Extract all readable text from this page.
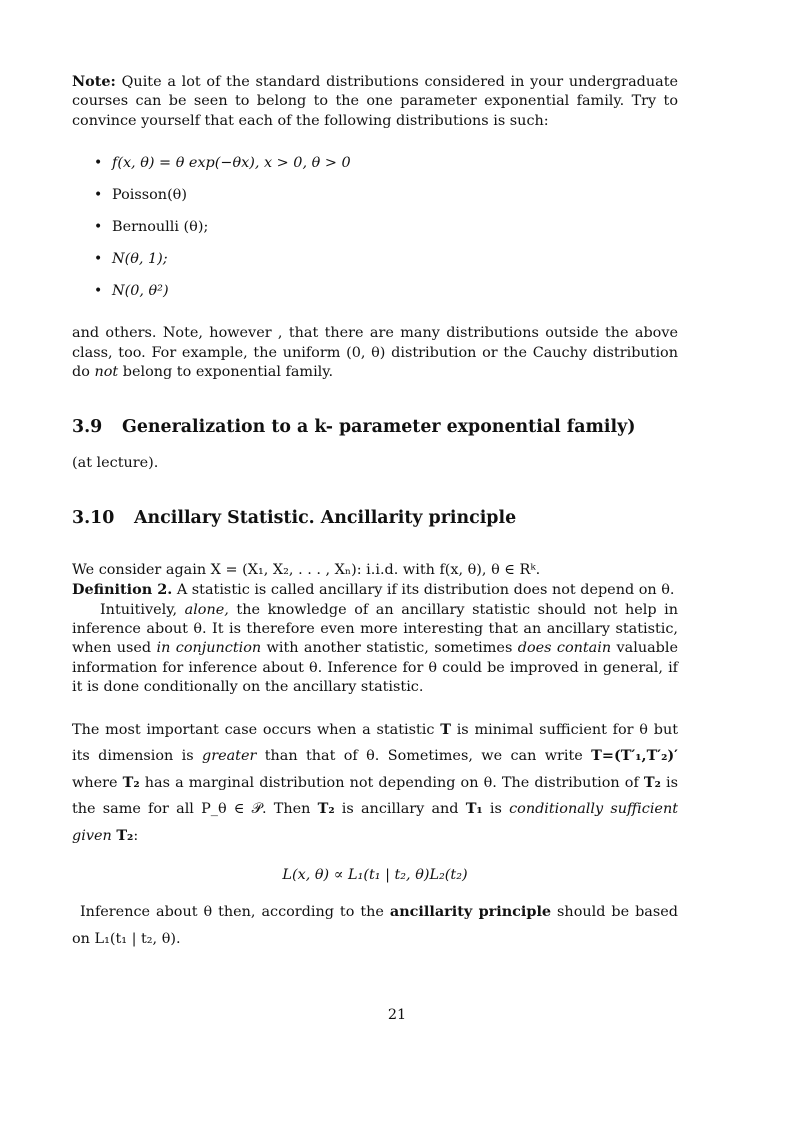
Note: Quite a lot of the standard distributions considered in your undergraduate courses can be seen to belong to the one parameter exponential family. Try to convince yourself that each of the following distributions is such:

• f(x, θ) = θ exp(−θx), x > 0, θ > 0
• Poisson(θ)
• Bernoulli (θ);
• N(θ, 1);
• N(0, θ²)

and others. Note, however , that there are many distributions outside the above class, too. For example, the uniform (0, θ) distribution or the Cauchy distribution do not belong to exponential family.

3.9 Generalization to a k- parameter exponential family)

(at lecture).

3.10 Ancillary Statistic. Ancillarity principle

We consider again X = (X₁, X₂, . . . , Xₙ): i.i.d. with f(x, θ), θ ∈ Rᵏ.

Definition 2. A statistic is called ancillary if its distribution does not depend on θ.

Intuitively, alone, the knowledge of an ancillary statistic should not help in inference about θ. It is therefore even more interesting that an ancillary statistic, when used in conjunction with another statistic, sometimes does contain valuable information for inference about θ. Inference for θ could be improved in general, if it is done conditionally on the ancillary statistic.

The most important case occurs when a statistic T is minimal sufficient for θ but its dimension is greater than that of θ. Sometimes, we can write T=(T′₁,T′₂)′ where T₂ has a marginal distribution not depending on θ. The distribution of T₂ is the same for all P_θ ∈ 𝒫. Then T₂ is ancillary and T₁ is conditionally sufficient given T₂:

L(x, θ) ∝ L₁(t₁ | t₂, θ)L₂(t₂)

Inference about θ then, according to the ancillarity principle should be based on L₁(t₁ | t₂, θ).

21
